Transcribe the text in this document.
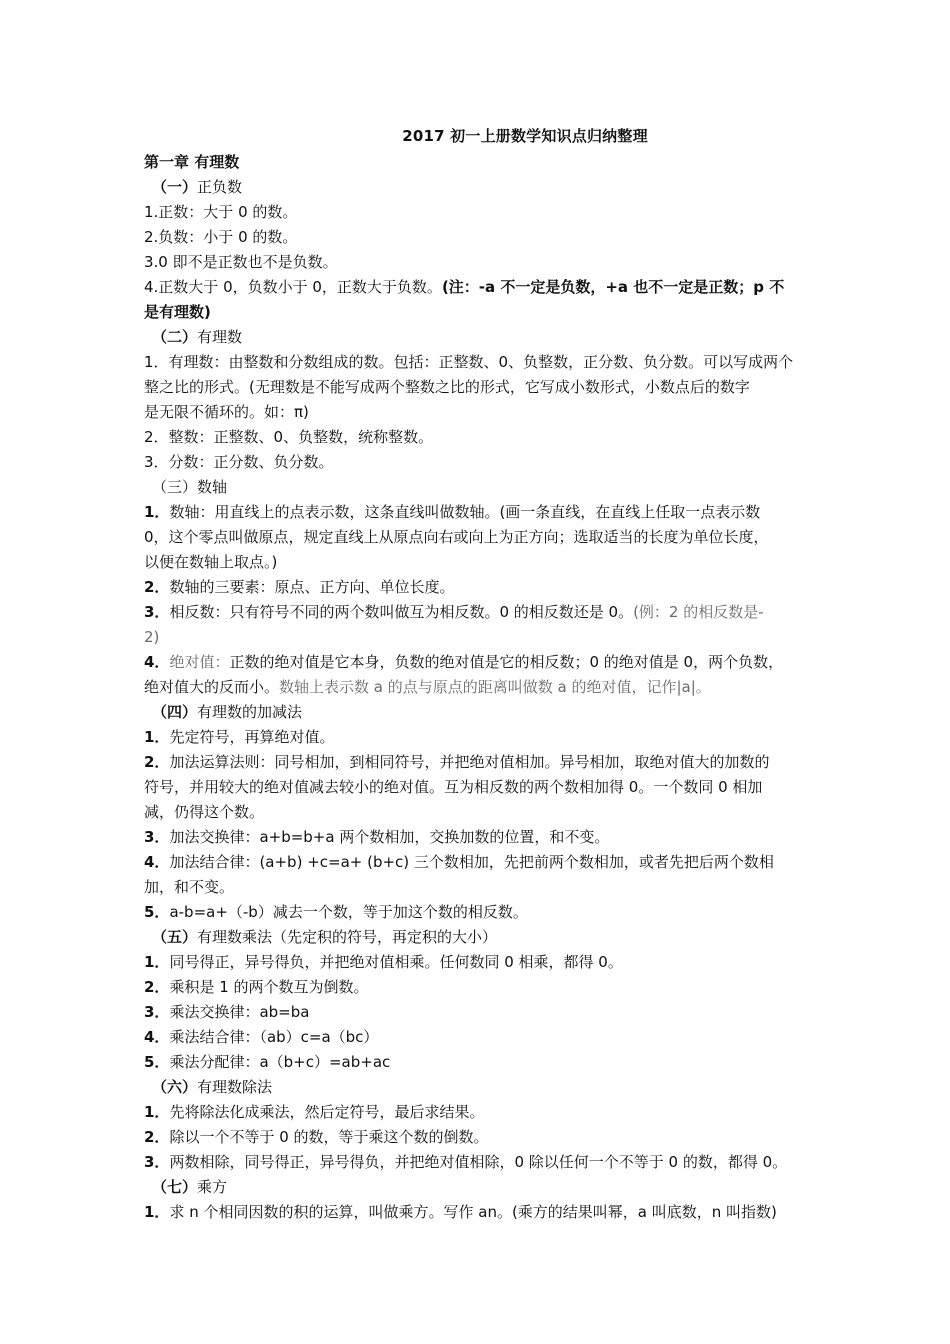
2017 初一上册数学知识点归纳整理
第一章 有理数
（一）正负数
1.正数：大于 0 的数。
2.负数：小于 0 的数。
3.0 即不是正数也不是负数。
4.正数大于 0，负数小于 0，正数大于负数。(注：-a 不一定是负数，+a 也不一定是正数；p 不
是有理数)
（二）有理数
1．有理数：由整数和分数组成的数。包括：正整数、0、负整数，正分数、负分数。可以写成两个
整之比的形式。(无理数是不能写成两个整数之比的形式，它写成小数形式，小数点后的数字
是无限不循环的。如：π)
2．整数：正整数、0、负整数，统称整数。
3．分数：正分数、负分数。
（三）数轴
1．数轴：用直线上的点表示数，这条直线叫做数轴。(画一条直线，在直线上任取一点表示数
0，这个零点叫做原点，规定直线上从原点向右或向上为正方向；选取适当的长度为单位长度，
以便在数轴上取点。)
2．数轴的三要素：原点、正方向、单位长度。
3．相反数：只有符号不同的两个数叫做互为相反数。0 的相反数还是 0。(例：2 的相反数是-
2)
4．绝对值：正数的绝对值是它本身，负数的绝对值是它的相反数；0 的绝对值是 0，两个负数，
绝对值大的反而小。数轴上表示数 a 的点与原点的距离叫做数 a 的绝对值，记作|a|。
（四）有理数的加减法
1．先定符号，再算绝对值。
2．加法运算法则：同号相加，到相同符号，并把绝对值相加。异号相加，取绝对值大的加数的
符号，并用较大的绝对值减去较小的绝对值。互为相反数的两个数相加得 0。一个数同 0 相加
减，仍得这个数。
3．加法交换律：a+b=b+a 两个数相加，交换加数的位置，和不变。
4．加法结合律：(a+b) +c=a+ (b+c) 三个数相加，先把前两个数相加，或者先把后两个数相
加，和不变。
5．a-b=a+（-b）减去一个数，等于加这个数的相反数。
（五）有理数乘法（先定积的符号，再定积的大小）
1．同号得正，异号得负，并把绝对值相乘。任何数同 0 相乘，都得 0。
2．乘积是 1 的两个数互为倒数。
3．乘法交换律：ab=ba
4．乘法结合律：（ab）c=a（bc）
5．乘法分配律：a（b+c）=ab+ac
（六）有理数除法
1．先将除法化成乘法，然后定符号，最后求结果。
2．除以一个不等于 0 的数，等于乘这个数的倒数。
3．两数相除，同号得正，异号得负，并把绝对值相除，0 除以任何一个不等于 0 的数，都得 0。
（七）乘方
1．求 n 个相同因数的积的运算，叫做乘方。写作 an。(乘方的结果叫幂，a 叫底数，n 叫指数)
